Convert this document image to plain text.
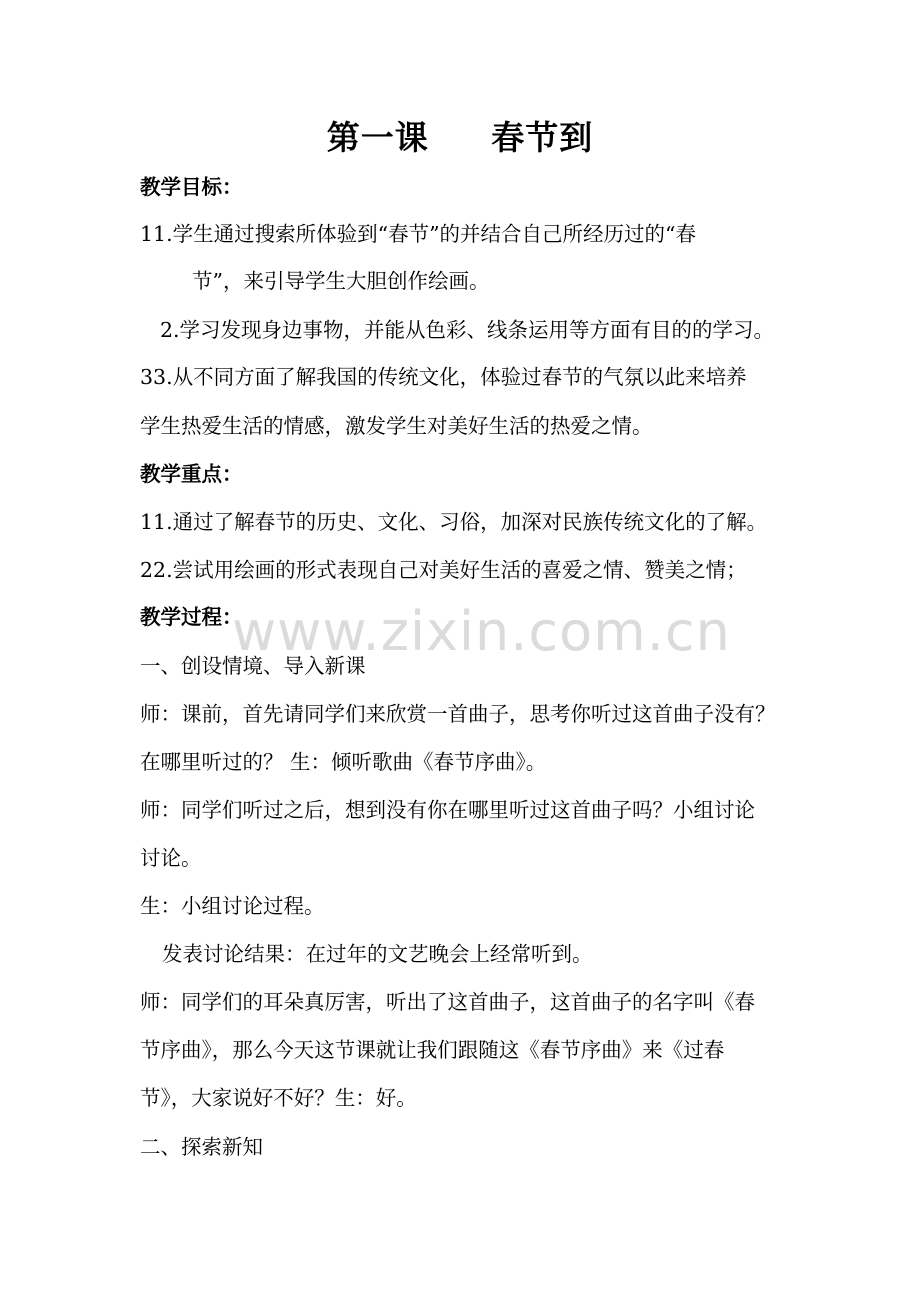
第一课     春节到
教学目标：
11.学生通过搜索所体验到“春节”的并结合自己所经历过的“春
节”，来引导学生大胆创作绘画。
2.学习发现身边事物，并能从色彩、线条运用等方面有目的的学习。
33.从不同方面了解我国的传统文化，体验过春节的气氛以此来培养
学生热爱生活的情感，激发学生对美好生活的热爱之情。
教学重点：
11.通过了解春节的历史、文化、习俗，加深对民族传统文化的了解。
22.尝试用绘画的形式表现自己对美好生活的喜爱之情、赞美之情；
教学过程：
一、创设情境、导入新课
师：课前，首先请同学们来欣赏一首曲子，思考你听过这首曲子没有？
在哪里听过的？ 生：倾听歌曲《春节序曲》。
师：同学们听过之后，想到没有你在哪里听过这首曲子吗？小组讨论
讨论。
生：小组讨论过程。
发表讨论结果：在过年的文艺晚会上经常听到。
师：同学们的耳朵真厉害，听出了这首曲子，这首曲子的名字叫《春
节序曲》，那么今天这节课就让我们跟随这《春节序曲》来《过春
节》，大家说好不好？生：好。
二、探索新知
www.zixin.com.cn
